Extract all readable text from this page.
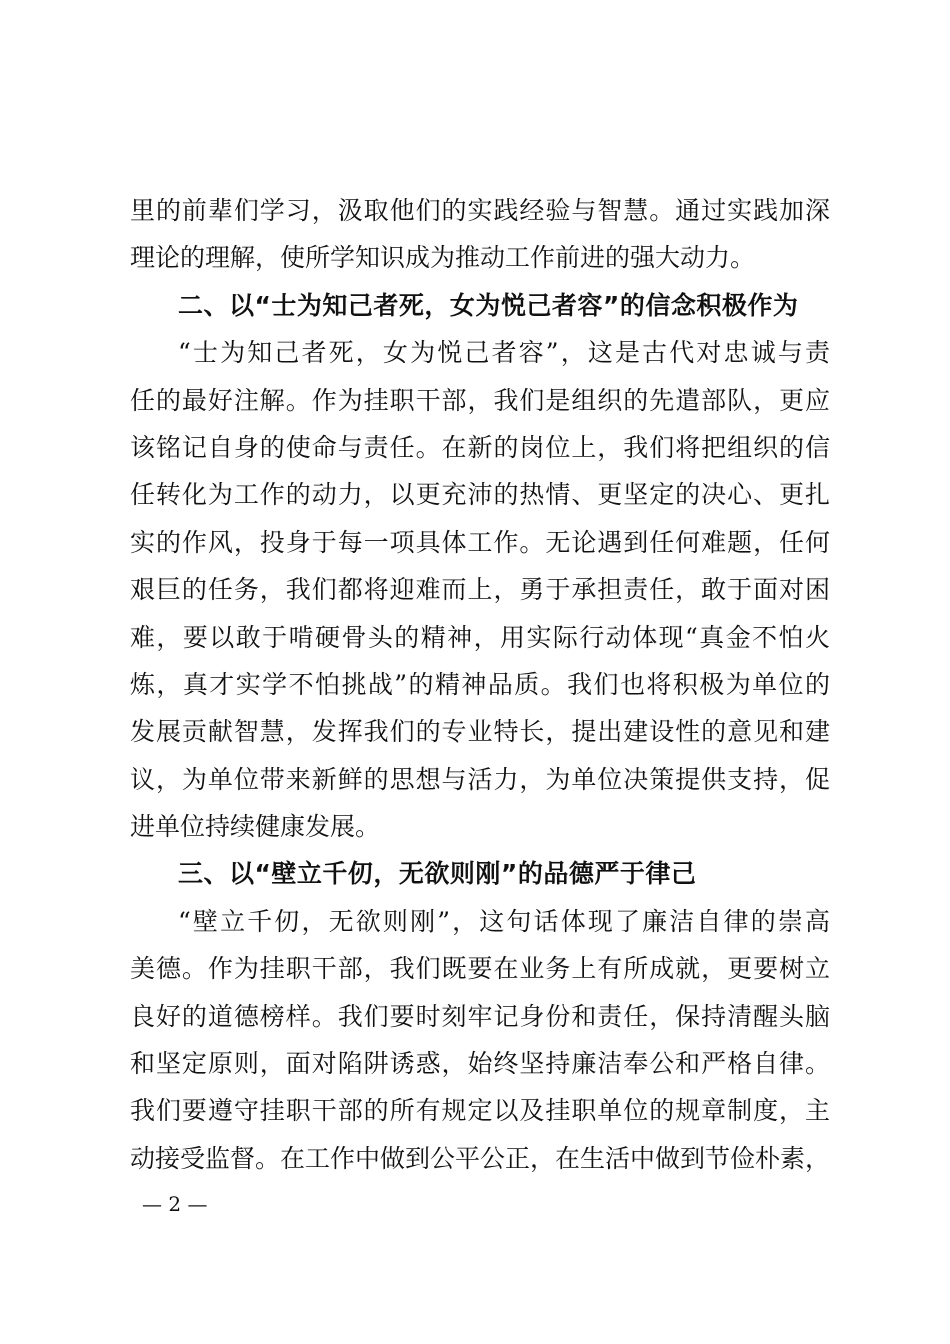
里的前辈们学习，汲取他们的实践经验与智慧。通过实践加深
理论的理解，使所学知识成为推动工作前进的强大动力。
二、以“士为知己者死，女为悦己者容”的信念积极作为
“士为知己者死，女为悦己者容”，这是古代对忠诚与责
任的最好注解。作为挂职干部，我们是组织的先遣部队，更应
该铭记自身的使命与责任。在新的岗位上，我们将把组织的信
任转化为工作的动力，以更充沛的热情、更坚定的决心、更扎
实的作风，投身于每一项具体工作。无论遇到任何难题，任何
艰巨的任务，我们都将迎难而上，勇于承担责任，敢于面对困
难，要以敢于啃硬骨头的精神，用实际行动体现“真金不怕火
炼，真才实学不怕挑战”的精神品质。我们也将积极为单位的
发展贡献智慧，发挥我们的专业特长，提出建设性的意见和建
议，为单位带来新鲜的思想与活力，为单位决策提供支持，促
进单位持续健康发展。
三、以“壁立千仞，无欲则刚”的品德严于律己
“壁立千仞，无欲则刚”，这句话体现了廉洁自律的崇高
美德。作为挂职干部，我们既要在业务上有所成就，更要树立
良好的道德榜样。我们要时刻牢记身份和责任，保持清醒头脑
和坚定原则，面对陷阱诱惑，始终坚持廉洁奉公和严格自律。
我们要遵守挂职干部的所有规定以及挂职单位的规章制度，主
动接受监督。在工作中做到公平公正，在生活中做到节俭朴素，
— 2 —
